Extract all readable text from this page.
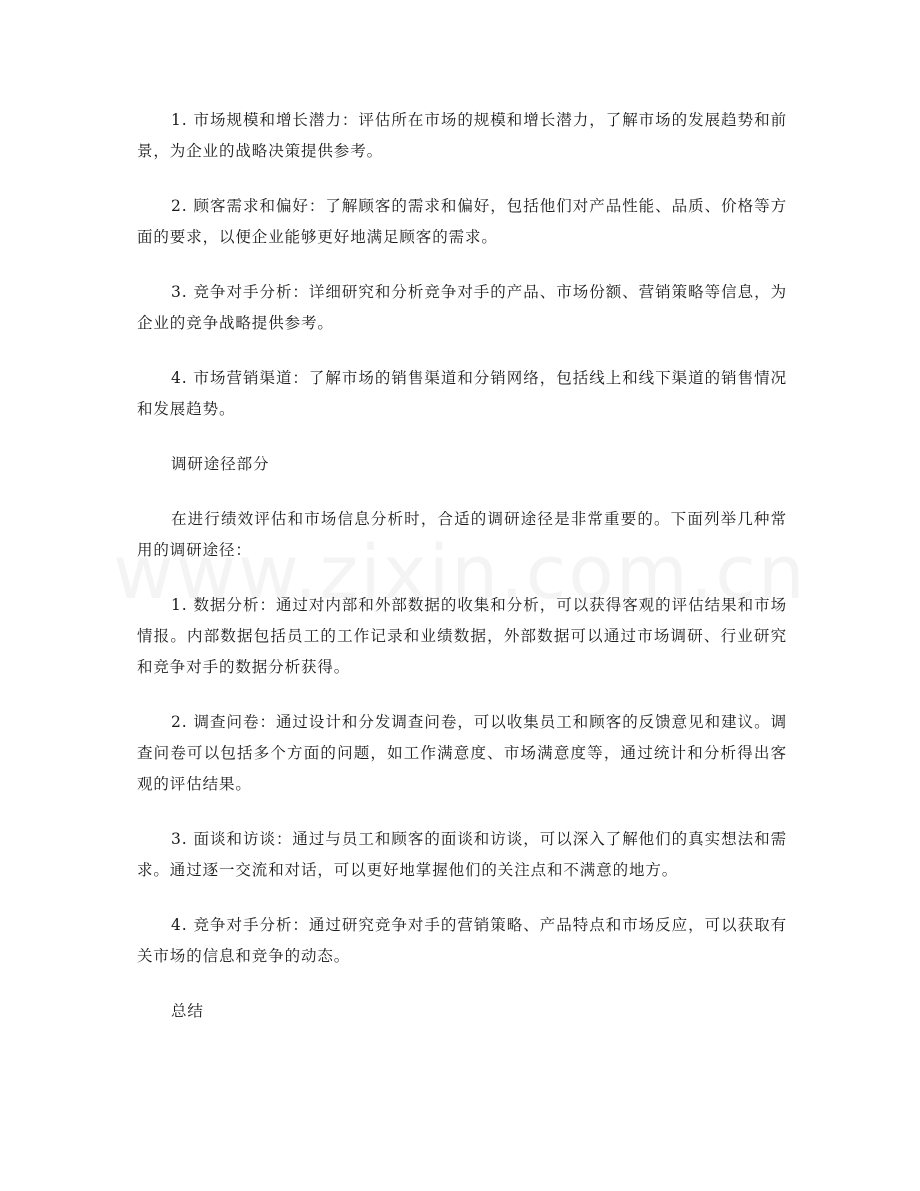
1. 市场规模和增长潜力：评估所在市场的规模和增长潜力，了解市场的发展趋势和前景，为企业的战略决策提供参考。

2. 顾客需求和偏好：了解顾客的需求和偏好，包括他们对产品性能、品质、价格等方面的要求，以便企业能够更好地满足顾客的需求。

3. 竞争对手分析：详细研究和分析竞争对手的产品、市场份额、营销策略等信息，为企业的竞争战略提供参考。

4. 市场营销渠道：了解市场的销售渠道和分销网络，包括线上和线下渠道的销售情况和发展趋势。

调研途径部分

在进行绩效评估和市场信息分析时，合适的调研途径是非常重要的。下面列举几种常用的调研途径：

1. 数据分析：通过对内部和外部数据的收集和分析，可以获得客观的评估结果和市场情报。内部数据包括员工的工作记录和业绩数据，外部数据可以通过市场调研、行业研究和竞争对手的数据分析获得。

2. 调查问卷：通过设计和分发调查问卷，可以收集员工和顾客的反馈意见和建议。调查问卷可以包括多个方面的问题，如工作满意度、市场满意度等，通过统计和分析得出客观的评估结果。

3. 面谈和访谈：通过与员工和顾客的面谈和访谈，可以深入了解他们的真实想法和需求。通过逐一交流和对话，可以更好地掌握他们的关注点和不满意的地方。

4. 竞争对手分析：通过研究竞争对手的营销策略、产品特点和市场反应，可以获取有关市场的信息和竞争的动态。

总结
